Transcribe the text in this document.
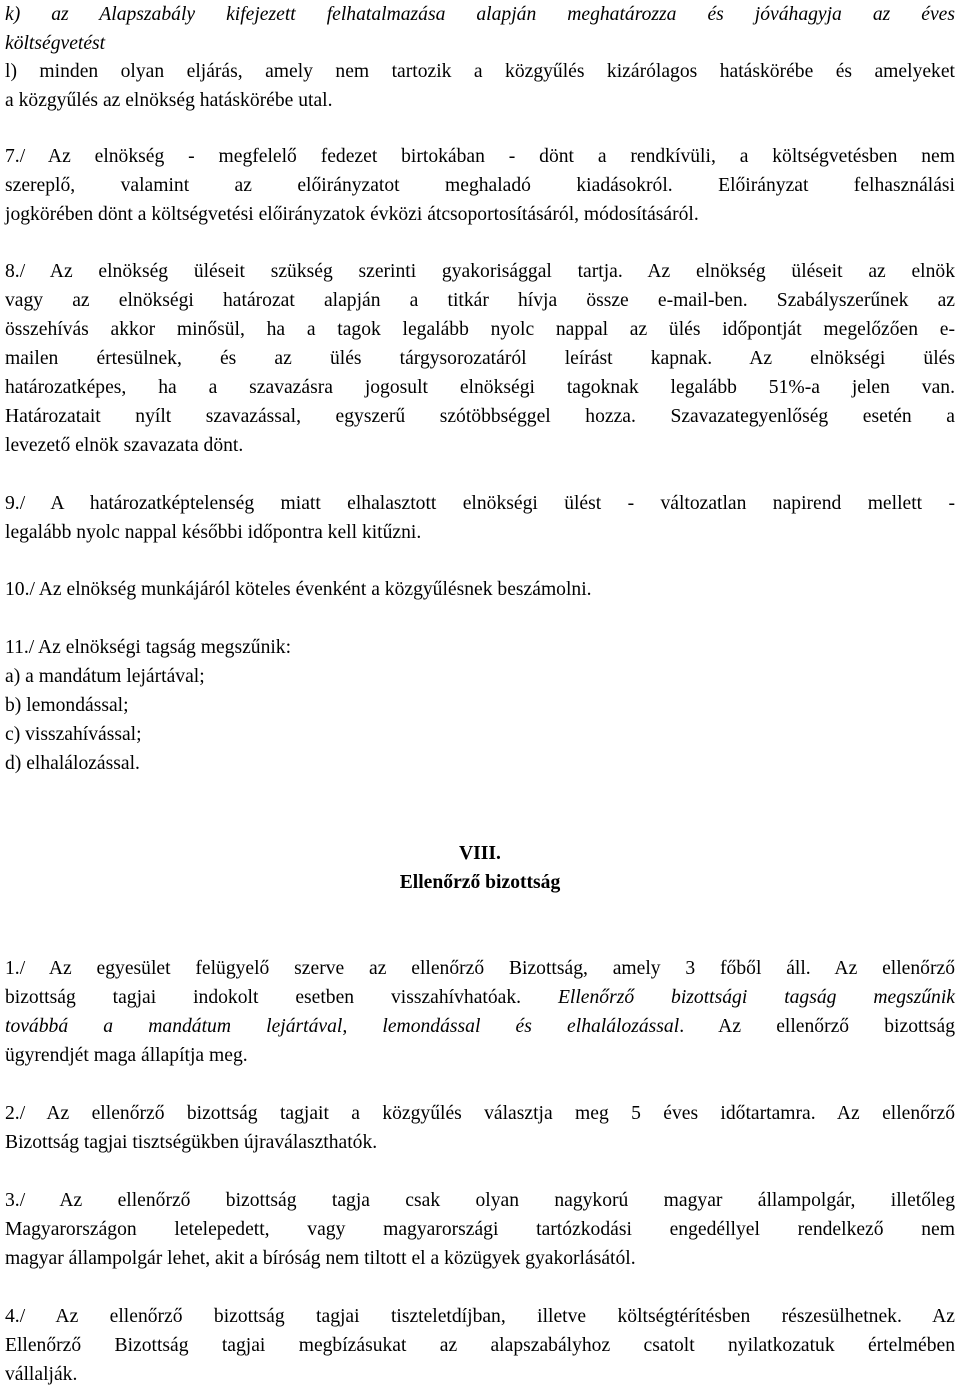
k) az Alapszabály kifejezett felhatalmazása alapján meghatározza és jóváhagyja az éves
költségvetést
l) minden olyan eljárás, amely nem tartozik a közgyűlés kizárólagos hatáskörébe és amelyeket
a közgyűlés az elnökség hatáskörébe utal.
7./ Az elnökség - megfelelő fedezet birtokában - dönt a rendkívüli, a költségvetésben nem
szereplő, valamint az előirányzatot meghaladó kiadásokról. Előirányzat felhasználási
jogkörében dönt a költségvetési előirányzatok évközi átcsoportosításáról, módosításáról.
8./ Az elnökség üléseit szükség szerinti gyakorisággal tartja. Az elnökség üléseit az elnök
vagy az elnökségi határozat alapján a titkár hívja össze e-mail-ben. Szabályszerűnek az
összehívás akkor minősül, ha a tagok legalább nyolc nappal az ülés időpontját megelőzően e-
mailen értesülnek, és az ülés tárgysorozatáról leírást kapnak. Az elnökségi ülés
határozatképes, ha a szavazásra jogosult elnökségi tagoknak legalább 51%-a jelen van.
Határozatait nyílt szavazással, egyszerű szótöbbséggel hozza. Szavazategyenlőség esetén a
levezető elnök szavazata dönt.
9./ A határozatképtelenség miatt elhalasztott elnökségi ülést - változatlan napirend mellett -
legalább nyolc nappal későbbi időpontra kell kitűzni.
10./ Az elnökség munkájáról köteles évenként a közgyűlésnek beszámolni.
11./ Az elnökségi tagság megszűnik:
a) a mandátum lejártával;
b) lemondással;
c) visszahívással;
d) elhalálozással.
VIII.
Ellenőrző bizottság
1./ Az egyesület felügyelő szerve az ellenőrző Bizottság, amely 3 főből áll. Az ellenőrző
bizottság tagjai indokolt esetben visszahívhatóak. Ellenőrző bizottsági tagság megszűnik
továbbá a mandátum lejártával, lemondással és elhalálozással. Az ellenőrző bizottság
ügyrendjét maga állapítja meg.
2./ Az ellenőrző bizottság tagjait a közgyűlés választja meg 5 éves időtartamra. Az ellenőrző
Bizottság tagjai tisztségükben újraválaszthatók.
3./ Az ellenőrző bizottság tagja csak olyan nagykorú magyar állampolgár, illetőleg
Magyarországon letelepedett, vagy magyarországi tartózkodási engedéllyel rendelkező nem
magyar állampolgár lehet, akit a bíróság nem tiltott el a közügyek gyakorlásától.
4./ Az ellenőrző bizottság tagjai tiszteletdíjban, illetve költségtérítésben részesülhetnek. Az
Ellenőrző Bizottság tagjai megbízásukat az alapszabályhoz csatolt nyilatkozatuk értelmében
vállalják.
